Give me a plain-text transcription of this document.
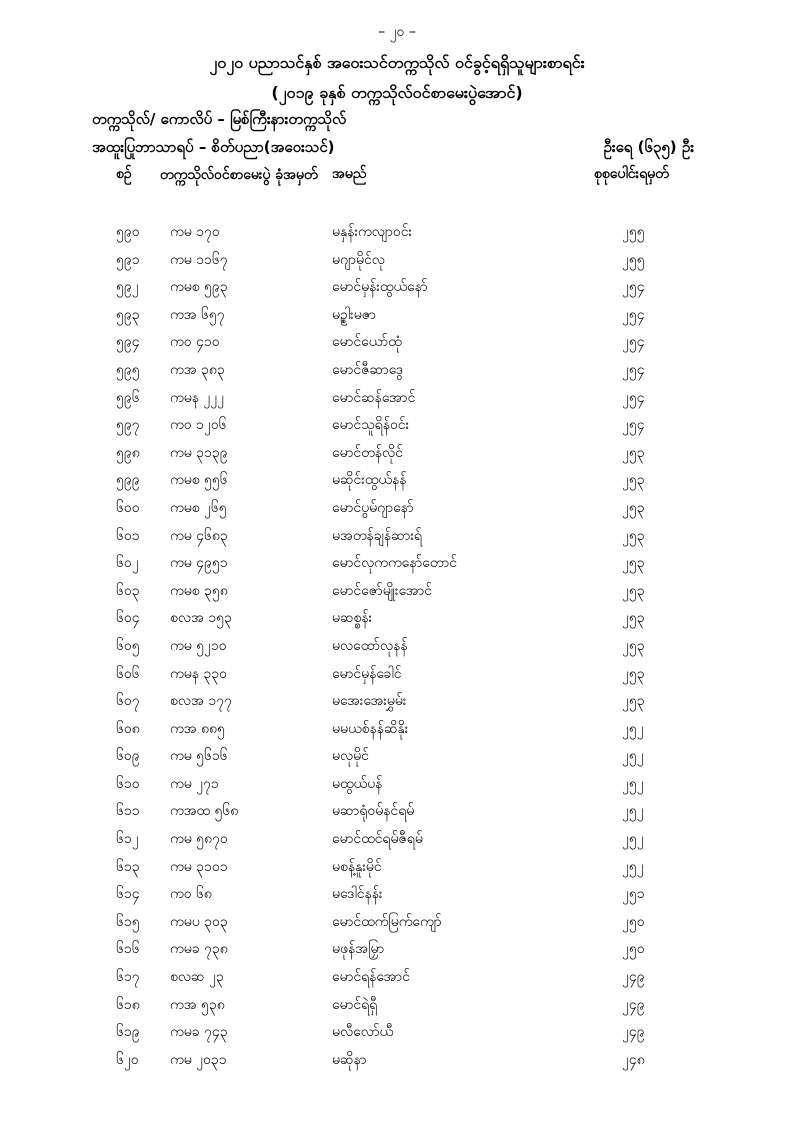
– ၂၀ –
၂၀၂၀ ပညာသင်နှစ် အဝေးသင်တက္ကသိုလ် ဝင်ခွင့်ရရှိသူများစာရင်း
(၂၀၁၉ ခုနှစ် တက္ကသိုလ်ဝင်စာမေးပွဲအောင်)
တက္ကသိုလ်/ ကောလိပ် – မြစ်ကြီးနားတက္ကသိုလ်
အထူးပြုဘာသာရပ် – စိတ်ပညာ(အဝေးသင်)	ဦးရေ (၆၃၅) ဦး
စဉ် တက္ကသိုလ်ဝင်စာမေးပွဲ ခုံအမှတ်	အမည်	စုစုပေါင်းရမှတ်
၅၉၀ ကမ ၁၇၀	မနှန်းကလျာဝင်း	၂၅၅
၅၉၁ ကမ ၁၁၆၇	မဂျာမိုင်လု	၂၅၅
၅၉၂ ကမစ ၅၉၃	မောင်မှန်းထွယ်နော်	၂၅၄
၅၉၃ ကအ ၆၅၇	မဥ္စါးမဇာ	၂၅၄
၅၉၄ ကဝ ၄၁၀	မောင်ယော်ထုံ	၂၅၄
၅၉၅ ကအ ၃၈၃	မောင်ဇီဆာဒွေ	၂၅၄
၅၉၆ ကမန ၂၂၂	မောင်ဆန်အောင်	၂၅၄
၅၉၇ ကဝ ၁၂၀၆	မောင်သူရိန်ဝင်း	၂၅၄
၅၉၈ ကမ ၃၁၃၉	မောင်တန်လိုင်	၂၅၃
၅၉၉ ကမစ ၅၅၆	မဆိုင်းထွယ်နန်	၂၅၃
၆၀၀ ကမစ ၂၆၅	မောင်ပွမ်ဂျာနော်	၂၅၃
၆၀၁ ကမ ၄၆၈၃	မအတန်ချန်ဆားရ်	၂၅၃
၆၀၂ ကမ ၄၉၅၁	မောင်လုကကနော်တောင်	၂၅၃
၆၀၃ ကမစ ၃၅၈	မောင်ဇော်မျိုးအောင်	၂၅၃
၆၀၄ စလအ ၁၅၃	မဆစ္စန်း	၂၅၃
၆၀၅ ကမ ၅၂၁၀	မလထော်လုနန်	၂၅၃
၆၀၆ ကမန ၃၃၀	မောင်မှန်ခေါင်	၂၅၃
၆၀၇ စလအ ၁၇၇	မအေးအေးမွှမ်း	၂၅၃
၆၀၈ ကအ ၈၈၅	မမယစ်နန်ဆိနိုး	၂၅၂
၆၀၉ ကမ ၅၆၁၆	မလုမိုင်	၂၅၂
၆၁၀ ကမ ၂၇၁	မထွယ်ပန်	၂၅၂
၆၁၁ ကအထ ၅၆၈	မဆာရုံဝမ်နင်ရမ်	၂၅၂
၆၁၂ ကမ ၅၈၇၀	မောင်ထင်ရမ်ဇီရမ်	၂၅၂
၆၁၃ ကမ ၃၁၀၁	မစန့်နူးမိုင်	၂၅၂
၆၁၄ ကဝ ၆၈	မဒေါင်နန်း	၂၅၁
၆၁၅ ကမပ ၃၀၃	မောင်ထက်မြက်ကျော်	၂၅၀
၆၁၆ ကမခ ၇၃၈	မဖုန်အမြှာ	၂၅၀
၆၁၇ စလဆ ၂၃	မောင်ရန်အောင်	၂၄၉
၆၁၈ ကအ ၅၃၈	မောင်ရဲရှီ	၂၄၉
၆၁၉ ကမခ ၇၄၃	မလီလော်ယီ	၂၄၉
၆၂၀ ကမ ၂၀၃၁	မဆိုနာ	၂၄၈
